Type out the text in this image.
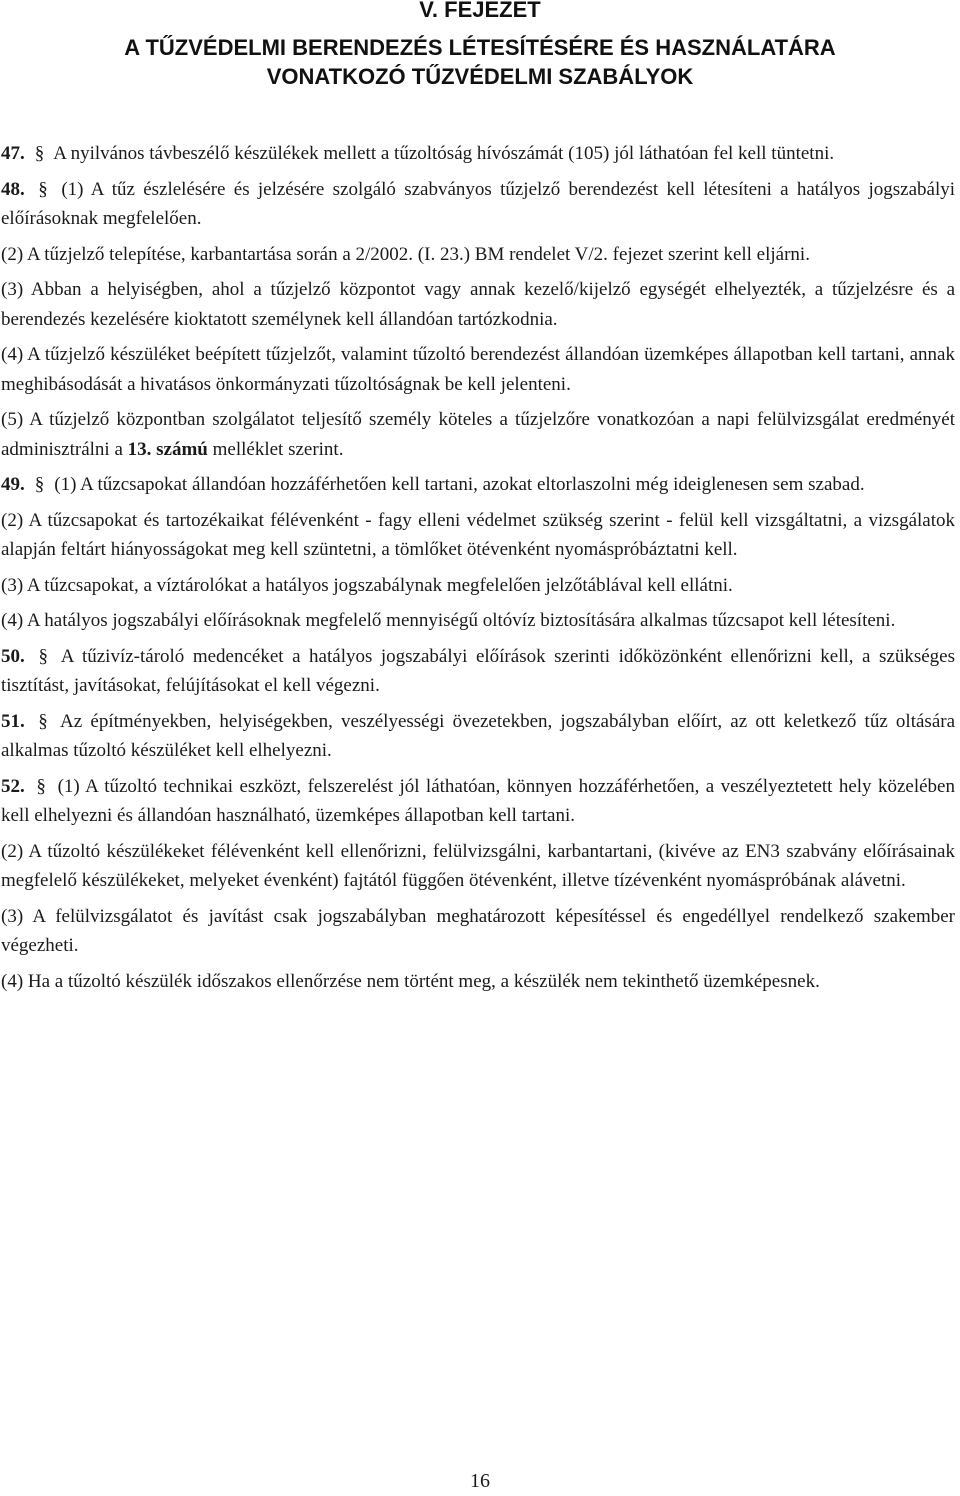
V. FEJEZET
A TŰZVÉDELMI BERENDEZÉS LÉTESÍTÉSÉRE ÉS HASZNÁLATÁRA
VONATKOZÓ TŰZVÉDELMI SZABÁLYOK

47. § A nyilvános távbeszélő készülékek mellett a tűzoltóság hívószámát (105) jól láthatóan fel kell tüntetni.

48. § (1) A tűz észlelésére és jelzésére szolgáló szabványos tűzjelző berendezést kell létesíteni a hatályos jogszabályi előírásoknak megfelelően.

(2) A tűzjelző telepítése, karbantartása során a 2/2002. (I. 23.) BM rendelet V/2. fejezet szerint kell eljárni.

(3) Abban a helyiségben, ahol a tűzjelző központot vagy annak kezelő/kijelző egységét elhelyezték, a tűzjelzésre és a berendezés kezelésére kioktatott személynek kell állandóan tartózkodnia.

(4) A tűzjelző készüléket beépített tűzjelzőt, valamint tűzoltó berendezést állandóan üzemképes állapotban kell tartani, annak meghibásodását a hivatásos önkormányzati tűzoltóságnak be kell jelenteni.

(5) A tűzjelző központban szolgálatot teljesítő személy köteles a tűzjelzőre vonatkozóan a napi felülvizsgálat eredményét adminisztrálni a 13. számú melléklet szerint.

49. § (1) A tűzcsapokat állandóan hozzáférhetően kell tartani, azokat eltorlaszolni még ideiglenesen sem szabad.

(2) A tűzcsapokat és tartozékaikat félévenként - fagy elleni védelmet szükség szerint - felül kell vizsgáltatni, a vizsgálatok alapján feltárt hiányosságokat meg kell szüntetni, a tömlőket ötévenként nyomáspróbáztatni kell.

(3) A tűzcsapokat, a víztárolókat a hatályos jogszabálynak megfelelően jelzőtáblával kell ellátni.

(4) A hatályos jogszabályi előírásoknak megfelelő mennyiségű oltóvíz biztosítására alkalmas tűzcsapot kell létesíteni.

50. § A tűzivíz-tároló medencéket a hatályos jogszabályi előírások szerinti időközönként ellenőrizni kell, a szükséges tisztítást, javításokat, felújításokat el kell végezni.

51. § Az építményekben, helyiségekben, veszélyességi övezetekben, jogszabályban előírt, az ott keletkező tűz oltására alkalmas tűzoltó készüléket kell elhelyezni.

52. § (1) A tűzoltó technikai eszközt, felszerelést jól láthatóan, könnyen hozzáférhetően, a veszélyeztetett hely közelében kell elhelyezni és állandóan használható, üzemképes állapotban kell tartani.

(2) A tűzoltó készülékeket félévenként kell ellenőrizni, felülvizsgálni, karbantartani, (kivéve az EN3 szabvány előírásainak megfelelő készülékeket, melyeket évenként) fajtától függően ötévenként, illetve tízévenként nyomáspróbának alávetni.

(3) A felülvizsgálatot és javítást csak jogszabályban meghatározott képesítéssel és engedéllyel rendelkező szakember végezheti.

(4) Ha a tűzoltó készülék időszakos ellenőrzése nem történt meg, a készülék nem tekinthető üzemképesnek.

16
